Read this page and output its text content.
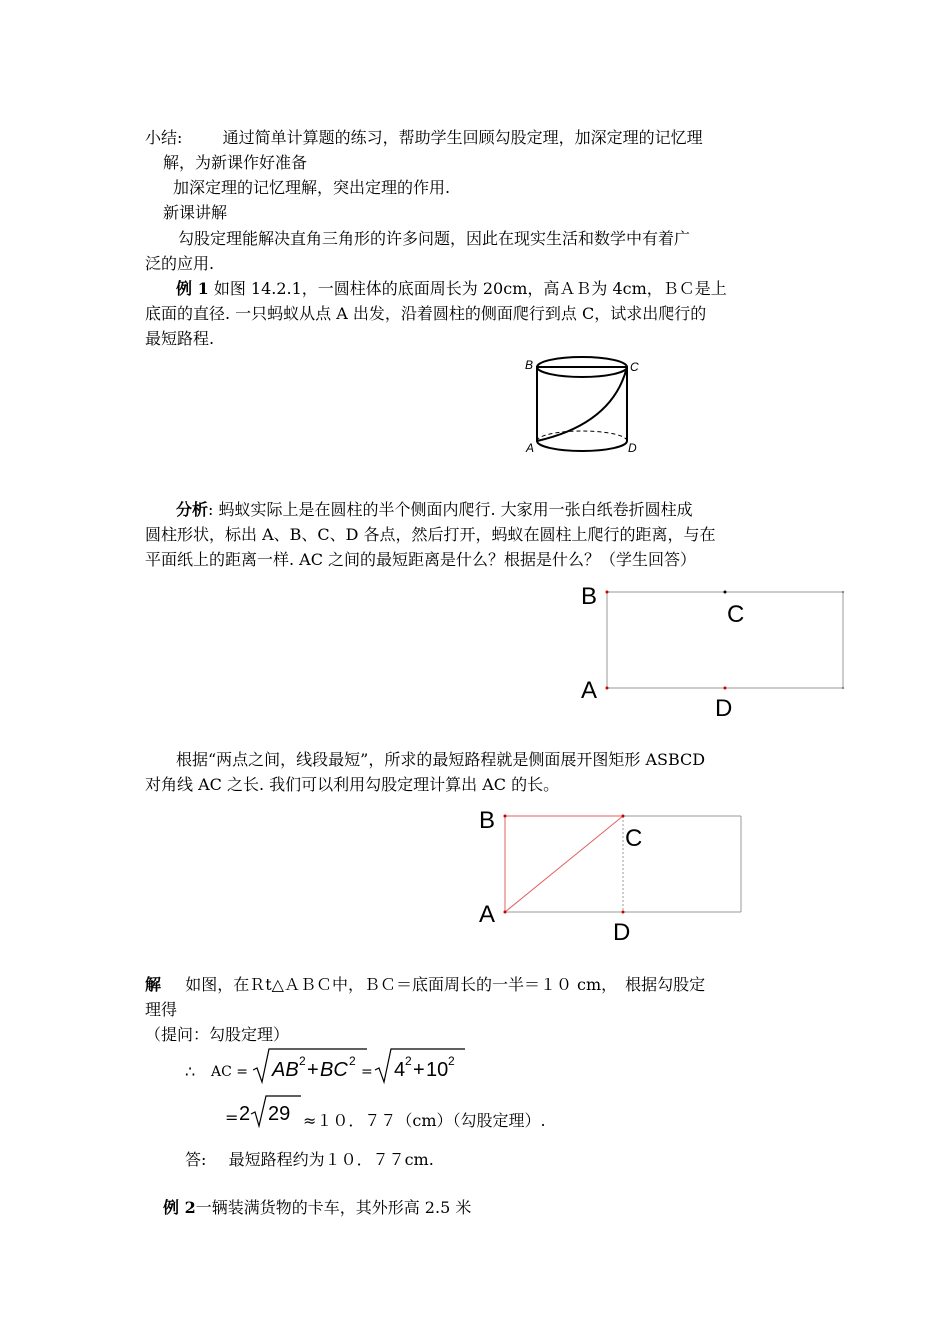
小结:	通过简单计算题的练习，帮助学生回顾勾股定理，加深定理的记忆理
解，为新课作好准备
加深定理的记忆理解，突出定理的作用.
新课讲解
勾股定理能解决直角三角形的许多问题，因此在现实生活和数学中有着广
泛的应用.
例 1 如图 14.2.1，一圆柱体的底面周长为 20cm，高ＡＢ为 4cm，ＢＣ是上
底面的直径. 一只蚂蚁从点 A 出发，沿着圆柱的侧面爬行到点 C，试求出爬行的
最短路程.
B	C
A	D
分析: 蚂蚁实际上是在圆柱的半个侧面内爬行. 大家用一张白纸卷折圆柱成
圆柱形状，标出 A、B、C、D 各点，然后打开，蚂蚁在圆柱上爬行的距离，与在
平面纸上的距离一样. AC 之间的最短距离是什么？根据是什么？（学生回答）
B
C
A
D
根据“两点之间，线段最短”，所求的最短路程就是侧面展开图矩形 ASBCD
对角线 AC 之长. 我们可以利用勾股定理计算出 AC 的长。
B
C
A
D
解 如图，在Ｒt△ＡＢＣ中，ＢＣ＝底面周长的一半＝１０ cm，　根据勾股定
理得
（提问：勾股定理）
∴ AC = AB 2 + BC 2
= 4 2 + 10 2
= 2 29 ≈１０．７７（cm）（勾股定理）.
答: 最短路程约为１０．７７cm.
例 2一辆装满货物的卡车，其外形高 2.5 米
